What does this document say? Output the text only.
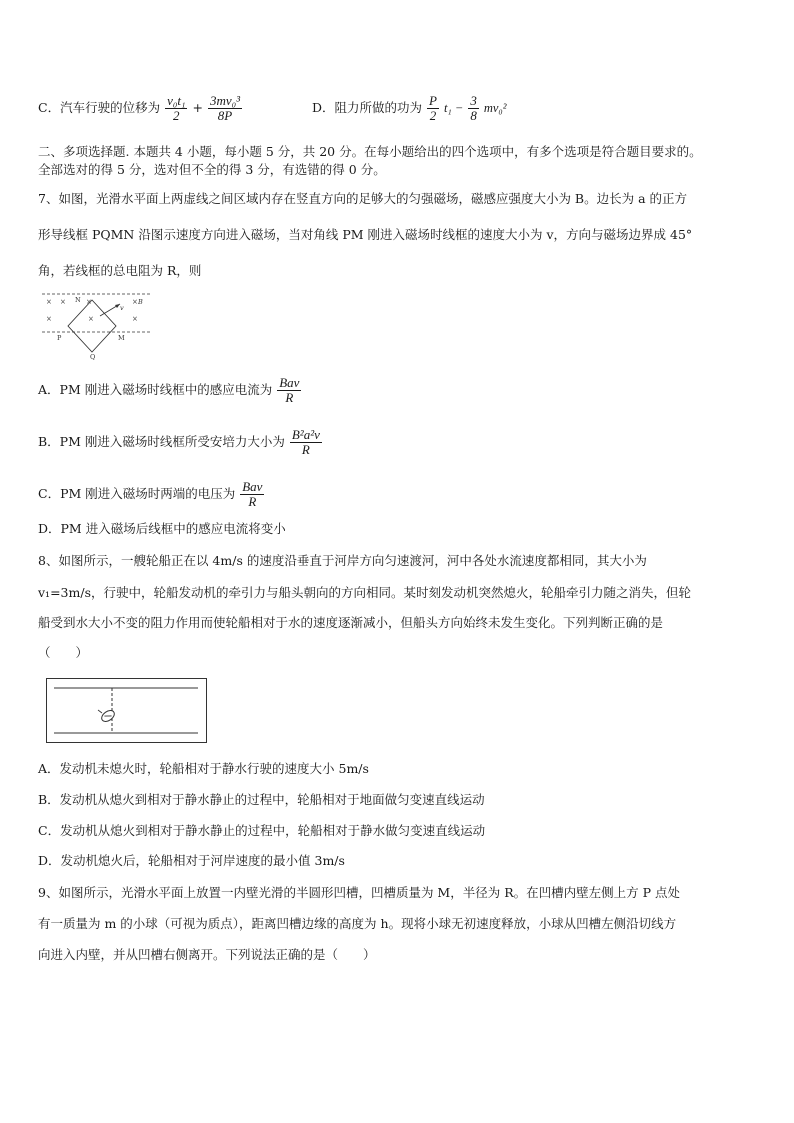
C．汽车行驶的位移为 $\frac{\text{v₀t₁}}{2} + \frac{\text{3mv₀³}}{8P}$	D．阻力所做的功为 $\frac{P}{2} t_1 - \frac{3}{8} mv_0^2$
二、多项选择题. 本题共 4 小题，每小题 5 分，共 20 分。在每小题给出的四个选项中，有多个选项是符合题目要求的。
全部选对的得 5 分，选对但不全的得 3 分，有选错的得 0 分。
7、如图，光滑水平面上两虚线之间区域内存在竖直方向的足够大的匀强磁场，磁感应强度大小为 B。边长为 a 的正方
形导线框 PQMN 沿图示速度方向进入磁场，当对角线 PM 刚进入磁场时线框的速度大小为 v，方向与磁场边界成 45°
角，若线框的总电阻为 R，则
× ×	×	×
×	×	×
N
v
B
P	M
Q
A．PM 刚进入磁场时线框中的感应电流为 $\frac{\text{Bav}}{R}$
B．PM 刚进入磁场时线框所受安培力大小为 $\frac{\text{B²a²v}}{R}$
C．PM 刚进入磁场时两端的电压为 $\frac{\text{Bav}}{R}$
D．PM 进入磁场后线框中的感应电流将变小
8、如图所示，一艘轮船正在以 4m/s 的速度沿垂直于河岸方向匀速渡河，河中各处水流速度都相同，其大小为
v₁=3m/s，行驶中，轮船发动机的牵引力与船头朝向的方向相同。某时刻发动机突然熄火，轮船牵引力随之消失，但轮
船受到水大小不变的阻力作用而使轮船相对于水的速度逐渐减小，但船头方向始终未发生变化。下列判断正确的是
（　　）
A．发动机未熄火时，轮船相对于静水行驶的速度大小 5m/s
B．发动机从熄火到相对于静水静止的过程中，轮船相对于地面做匀变速直线运动
C．发动机从熄火到相对于静水静止的过程中，轮船相对于静水做匀变速直线运动
D．发动机熄火后，轮船相对于河岸速度的最小值 3m/s
9、如图所示，光滑水平面上放置一内壁光滑的半圆形凹槽，凹槽质量为 M，半径为 R。在凹槽内壁左侧上方 P 点处
有一质量为 m 的小球（可视为质点），距离凹槽边缘的高度为 h。现将小球无初速度释放，小球从凹槽左侧沿切线方
向进入内壁，并从凹槽右侧离开。下列说法正确的是（　　）
